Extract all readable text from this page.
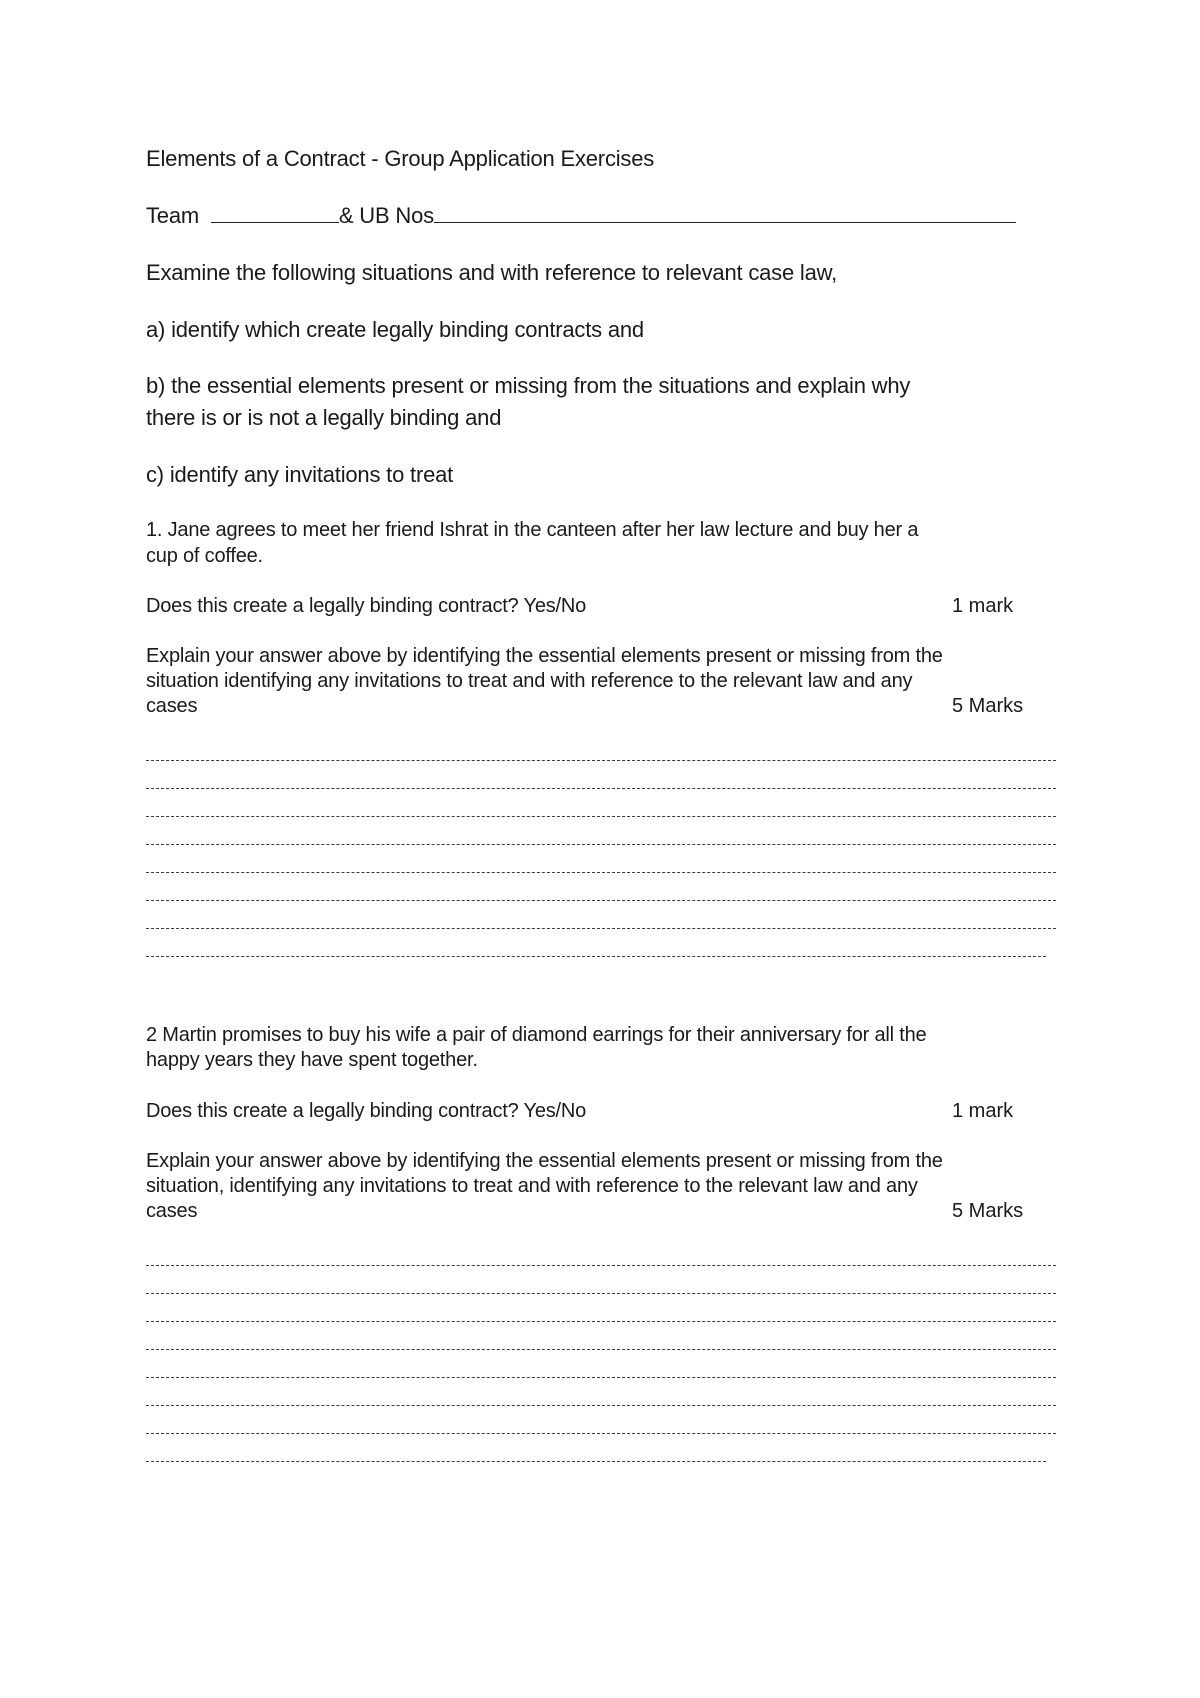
Elements of a Contract - Group Application Exercises
Team	& UB Nos
Examine the following situations and with reference to relevant case law,
a) identify which create legally binding contracts and
b) the essential elements present or missing from the situations and explain why
there is or is not a legally binding and
c) identify any invitations to treat
1. Jane agrees to meet her friend Ishrat in the canteen after her law lecture and buy her a
cup of coffee.
Does this create a legally binding contract? Yes/No	1 mark
Explain your answer above by identifying the essential elements present or missing from the
situation identifying any invitations to treat and with reference to the relevant law and any
cases	5 Marks
2 Martin promises to buy his wife a pair of diamond earrings for their anniversary for all the
happy years they have spent together.
Does this create a legally binding contract? Yes/No	1 mark
Explain your answer above by identifying the essential elements present or missing from the
situation, identifying any invitations to treat and with reference to the relevant law and any
cases	5 Marks
